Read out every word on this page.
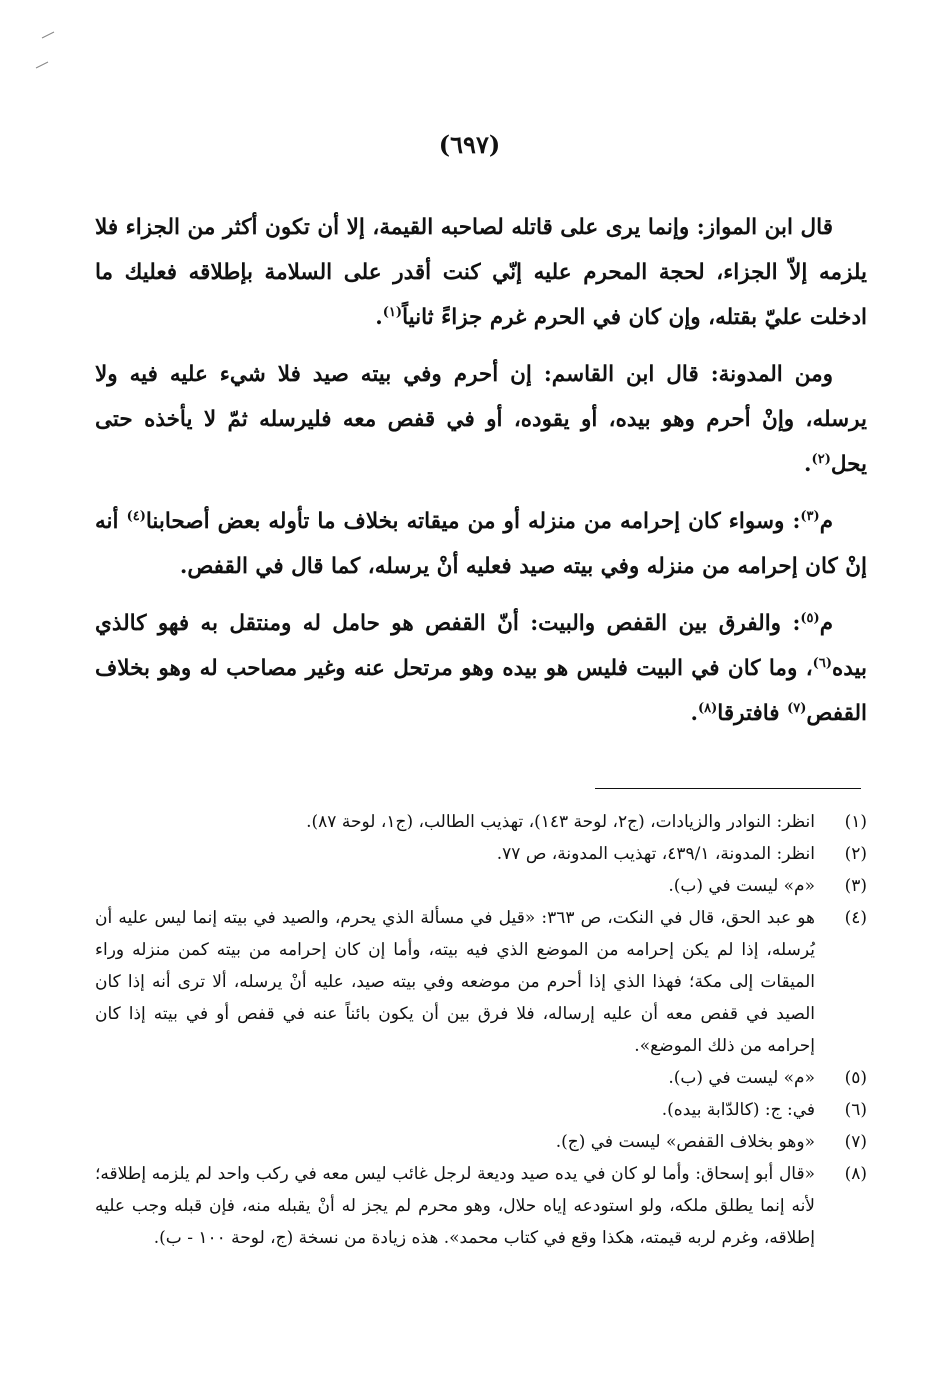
(٦٩٧)

قال ابن المواز: وإنما يرى على قاتله لصاحبه القيمة، إلا أن تكون أكثر من الجزاء فلا يلزمه إلاّ الجزاء، لحجة المحرم عليه إنّي كنت أقدر على السلامة بإطلاقه فعليك ما ادخلت عليّ بقتله، وإن كان في الحرم غرم جزاءً ثانياً$^{(١)}$.

ومن المدونة: قال ابن القاسم: إن أحرم وفي بيته صيد فلا شيء عليه فيه ولا يرسله، وإنْ أحرم وهو بيده، أو يقوده، أو في قفص معه فليرسله ثمّ لا يأخذه حتى يحل$^{(٢)}$.

م$^{(٣)}$: وسواء كان إحرامه من منزله أو من ميقاته بخلاف ما تأوله بعض أصحابنا$^{(٤)}$ أنه إنْ كان إحرامه من منزله وفي بيته صيد فعليه أنْ يرسله، كما قال في القفص.

م$^{(٥)}$: والفرق بين القفص والبيت: أنّ القفص هو حامل له ومنتقل به فهو كالذي بيده$^{(٦)}$، وما كان في البيت فليس هو بيده وهو مرتحل عنه وغير مصاحب له وهو بخلاف القفص$^{(٧)}$ فافترقا$^{(٨)}$.

(١)
انظر: النوادر والزيادات، (ج٢، لوحة ١٤٣)، تهذيب الطالب، (ج١، لوحة ٨٧).
(٢)
انظر: المدونة، ٤٣٩/١، تهذيب المدونة، ص ٧٧.
(٣)
«م» ليست في (ب).
(٤)
هو عبد الحق، قال في النكت، ص ٣٦٣: «قيل في مسألة الذي يحرم، والصيد في بيته إنما ليس عليه أن يُرسله، إذا لم يكن إحرامه من الموضع الذي فيه بيته، وأما إن كان إحرامه من بيته كمن منزله وراء الميقات إلى مكة؛ فهذا الذي إذا أحرم من موضعه وفي بيته صيد، عليه أنْ يرسله، ألا ترى أنه إذا كان الصيد في قفص معه أن عليه إرساله، فلا فرق بين أن يكون بائناً عنه في قفص أو في بيته إذا كان إحرامه من ذلك الموضع».
(٥)
«م» ليست في (ب).
(٦)
في: ج: (كالدّابة بيده).
(٧)
«وهو بخلاف القفص» ليست في (ج).
(٨)
«قال أبو إسحاق: وأما لو كان في يده صيد وديعة لرجل غائب ليس معه في ركب واحد لم يلزمه إطلاقه؛ لأنه إنما يطلق ملكه، ولو استودعه إياه حلال، وهو محرم لم يجز له أنْ يقبله منه، فإن قبله وجب عليه إطلاقه، وغرم لربه قيمته، هكذا وقع في كتاب محمد». هذه زيادة من نسخة (ج، لوحة ١٠٠ - ب).
